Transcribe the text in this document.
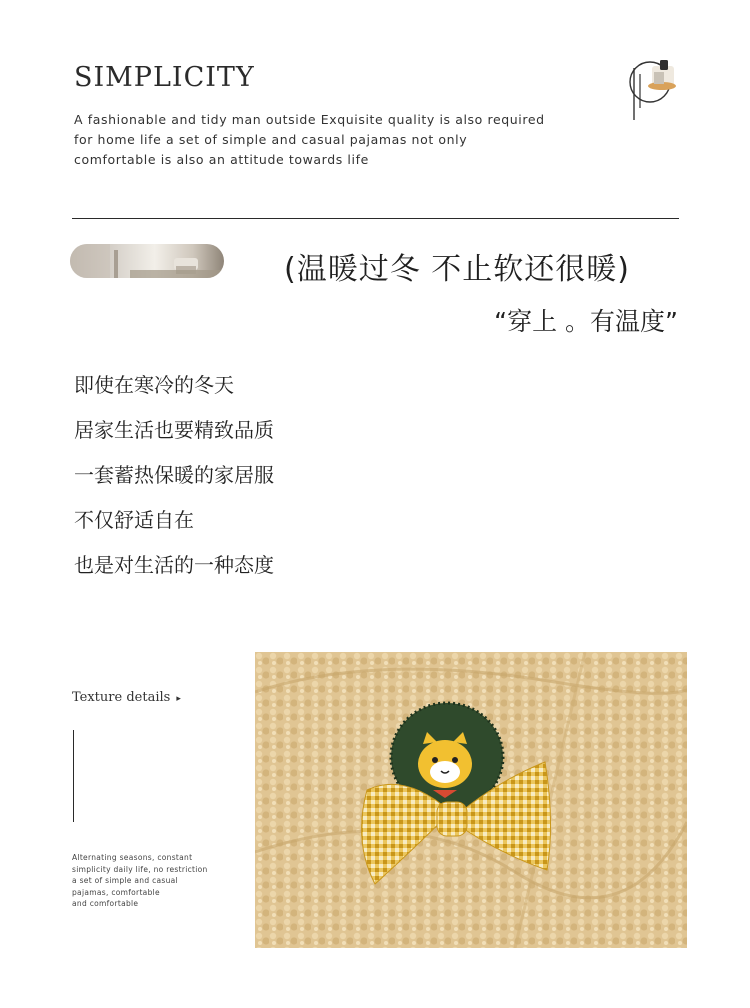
SIMPLICITY
A fashionable and tidy man outside Exquisite quality is also required
for home life a set of simple and casual pajamas not only
comfortable is also an attitude towards life
(温暖过冬 不止软还很暖)
“穿上 。有温度”
即使在寒冷的冬天
居家生活也要精致品质
一套蓄热保暖的家居服
不仅舒适自在
也是对生活的一种态度
Texture details ▸
Alternating seasons, constant
simplicity daily life, no restriction
a set of simple and casual
pajamas, comfortable
and comfortable
